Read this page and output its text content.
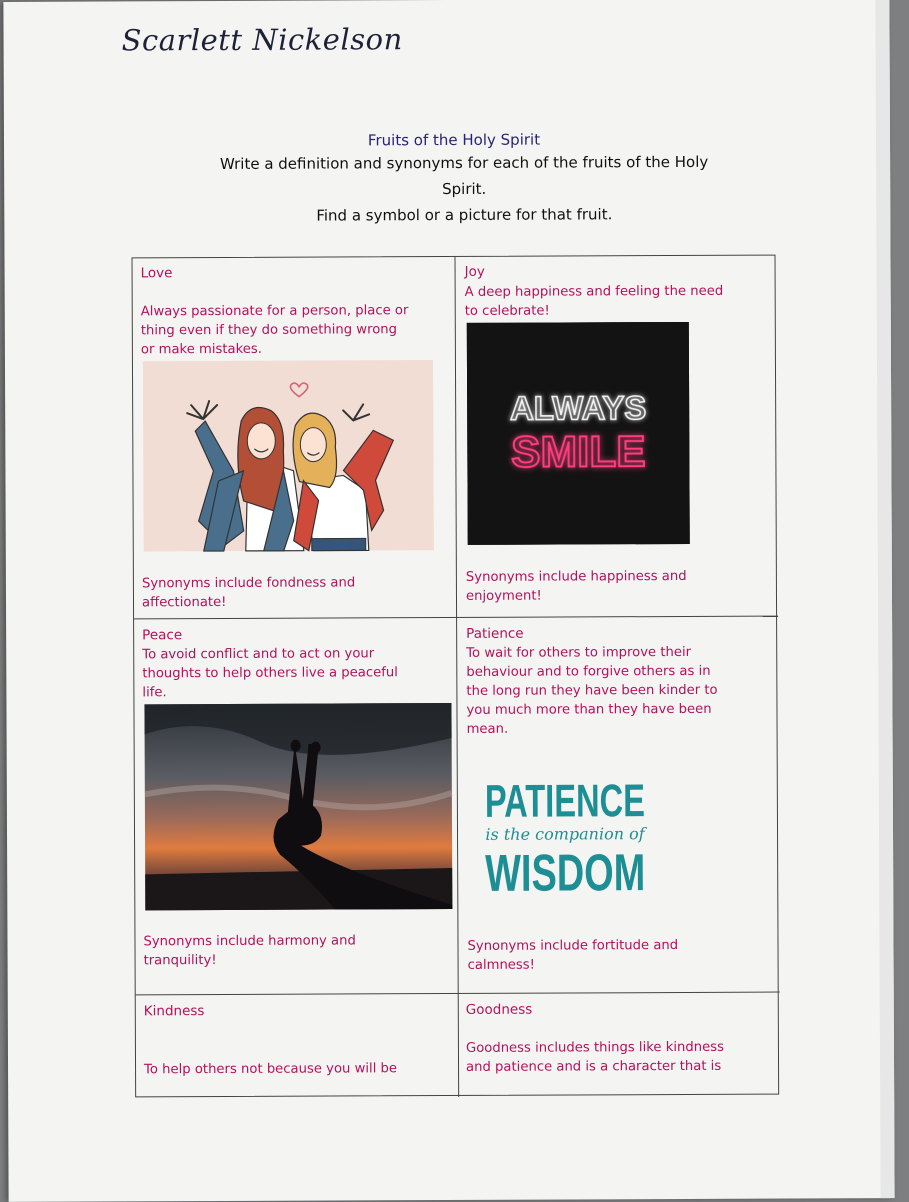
Scarlett Nickelson
Fruits of the Holy Spirit
Write a definition and synonyms for each of the fruits of the Holy
Spirit.
Find a symbol or a picture for that fruit.
Love
Always passionate for a person, place or
thing even if they do something wrong
or make mistakes.
Synonyms include fondness and
affectionate!
Joy
A deep happiness and feeling the need
to celebrate!
ALWAYS
SMILE
Synonyms include happiness and
enjoyment!
Peace
To avoid conflict and to act on your
thoughts to help others live a peaceful
life.
Synonyms include harmony and
tranquility!
Patience
To wait for others to improve their
behaviour and to forgive others as in
the long run they have been kinder to
you much more than they have been
mean.
PATIENCE
is the companion of
WISDOM
Synonyms include fortitude and
calmness!
Kindness
To help others not because you will be
Goodness
Goodness includes things like kindness
and patience and is a character that is
